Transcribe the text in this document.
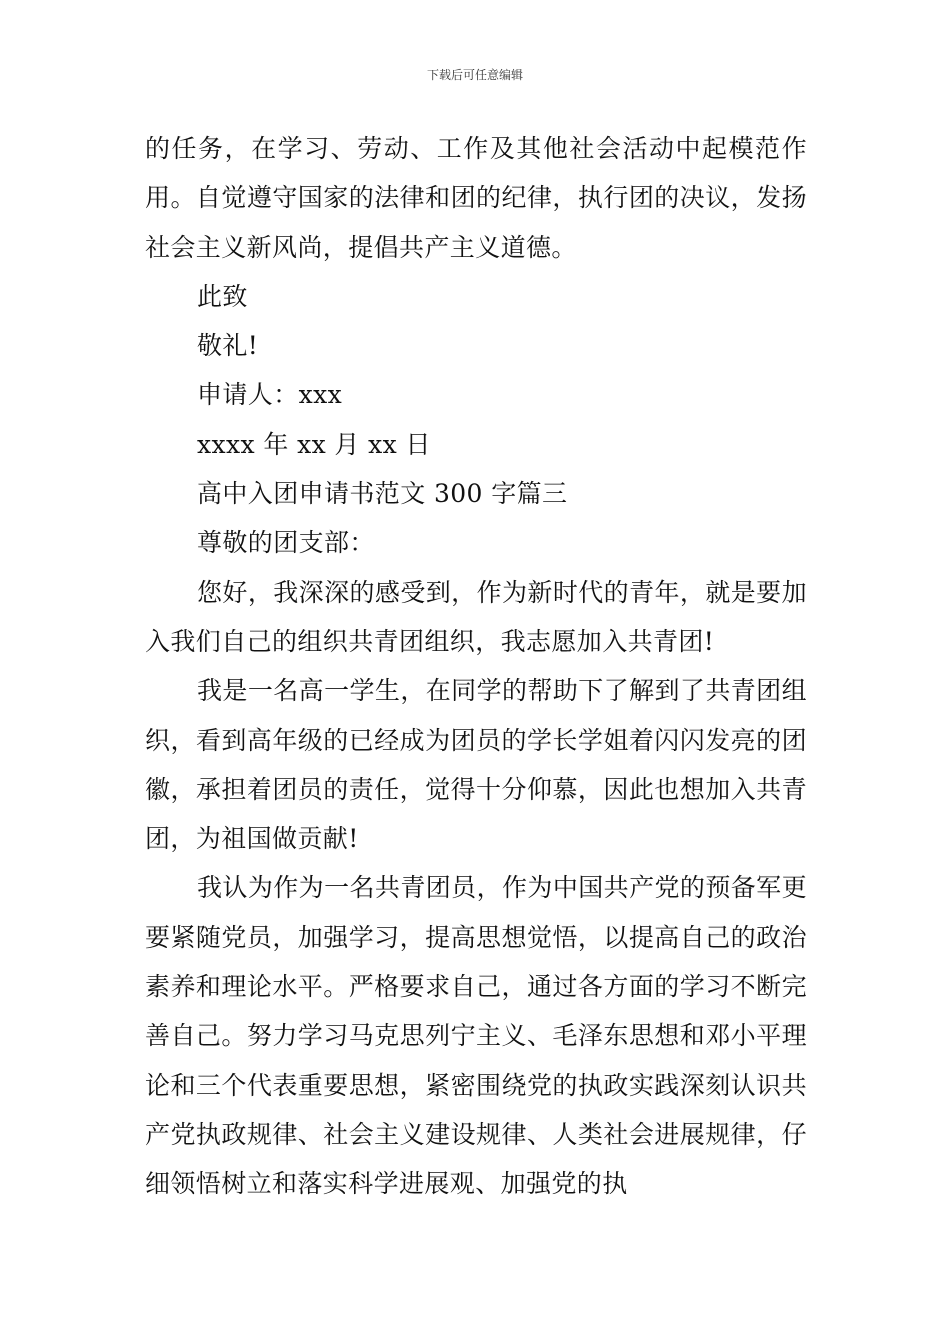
下载后可任意编辑

的任务，在学习、劳动、工作及其他社会活动中起模范作用。自觉遵守国家的法律和团的纪律，执行团的决议，发扬社会主义新风尚，提倡共产主义道德。

此致

敬礼!

申请人：xxx

xxxx 年 xx 月 xx 日

高中入团申请书范文 300 字篇三

尊敬的团支部：

您好，我深深的感受到，作为新时代的青年，就是要加入我们自己的组织共青团组织，我志愿加入共青团!

我是一名高一学生，在同学的帮助下了解到了共青团组织，看到高年级的已经成为团员的学长学姐着闪闪发亮的团徽，承担着团员的责任，觉得十分仰慕，因此也想加入共青团，为祖国做贡献!

我认为作为一名共青团员，作为中国共产党的预备军更要紧随党员，加强学习，提高思想觉悟，以提高自己的政治素养和理论水平。严格要求自己，通过各方面的学习不断完善自己。努力学习马克思列宁主义、毛泽东思想和邓小平理论和三个代表重要思想，紧密围绕党的执政实践深刻认识共产党执政规律、社会主义建设规律、人类社会进展规律，仔细领悟树立和落实科学进展观、加强党的执
